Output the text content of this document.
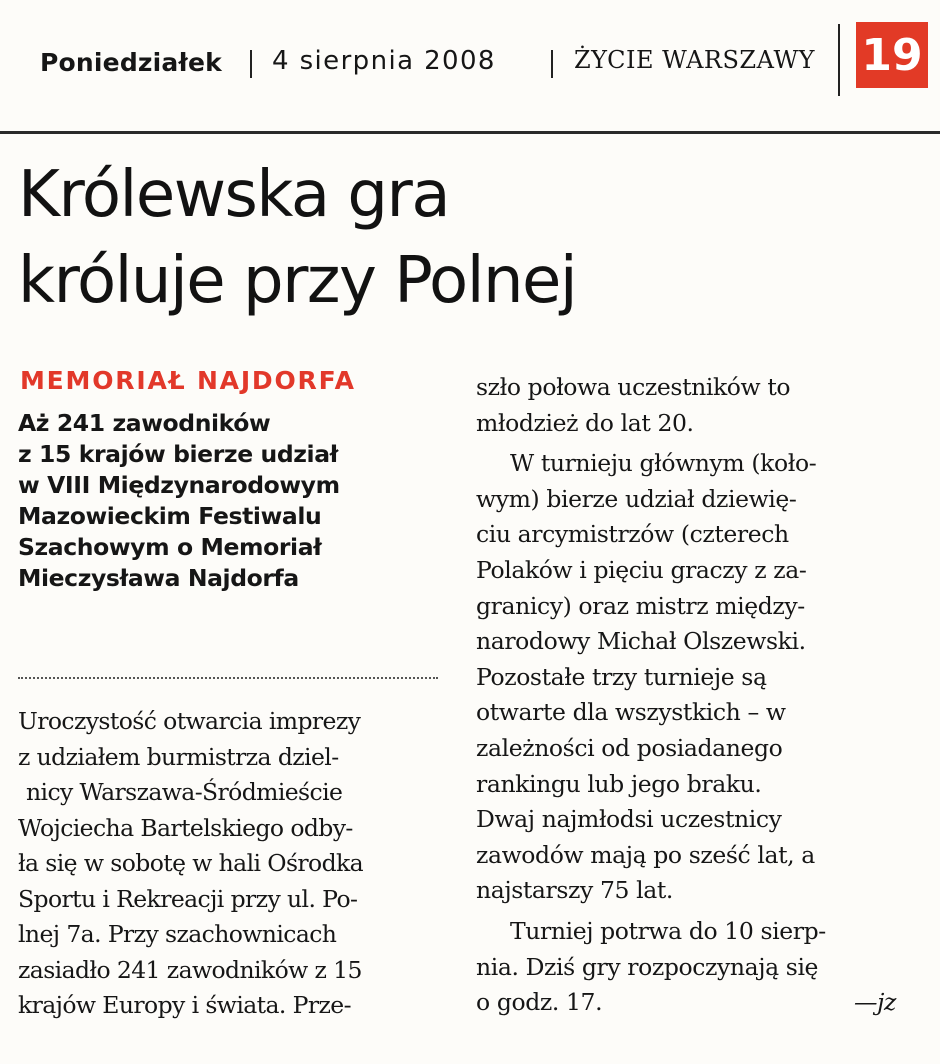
Poniedziałek 4 sierpnia 2008	ŻYCIE WARSZAWY 19
Królewska gra
króluje przy Polnej
MEMORIAŁ NAJDORFA

Aż 241 zawodników
z 15 krajów bierze udział
w VIII Międzynarodowym
Mazowieckim Festiwalu
Szachowym o Memoriał
Mieczysława Najdorfa

Uroczystość otwarcia imprezy
z udziałem burmistrza dziel-
nicy Warszawa-Śródmieście
Wojciecha Bartelskiego odby-
ła się w sobotę w hali Ośrodka
Sportu i Rekreacji przy ul. Po-
lnej 7a. Przy szachownicach
zasiadło 241 zawodników z 15
krajów Europy i świata. Prze-
szło połowa uczestników to
młodzież do lat 20.
W turnieju głównym (koło-
wym) bierze udział dziewię-
ciu arcymistrzów (czterech
Polaków i pięciu graczy z za-
granicy) oraz mistrz między-
narodowy Michał Olszewski.
Pozostałe trzy turnieje są
otwarte dla wszystkich – w
zależności od posiadanego
rankingu lub jego braku.
Dwaj najmłodsi uczestnicy
zawodów mają po sześć lat, a
najstarszy 75 lat.
Turniej potrwa do 10 sierp-
nia. Dziś gry rozpoczynają się
o godz. 17.	—jz
